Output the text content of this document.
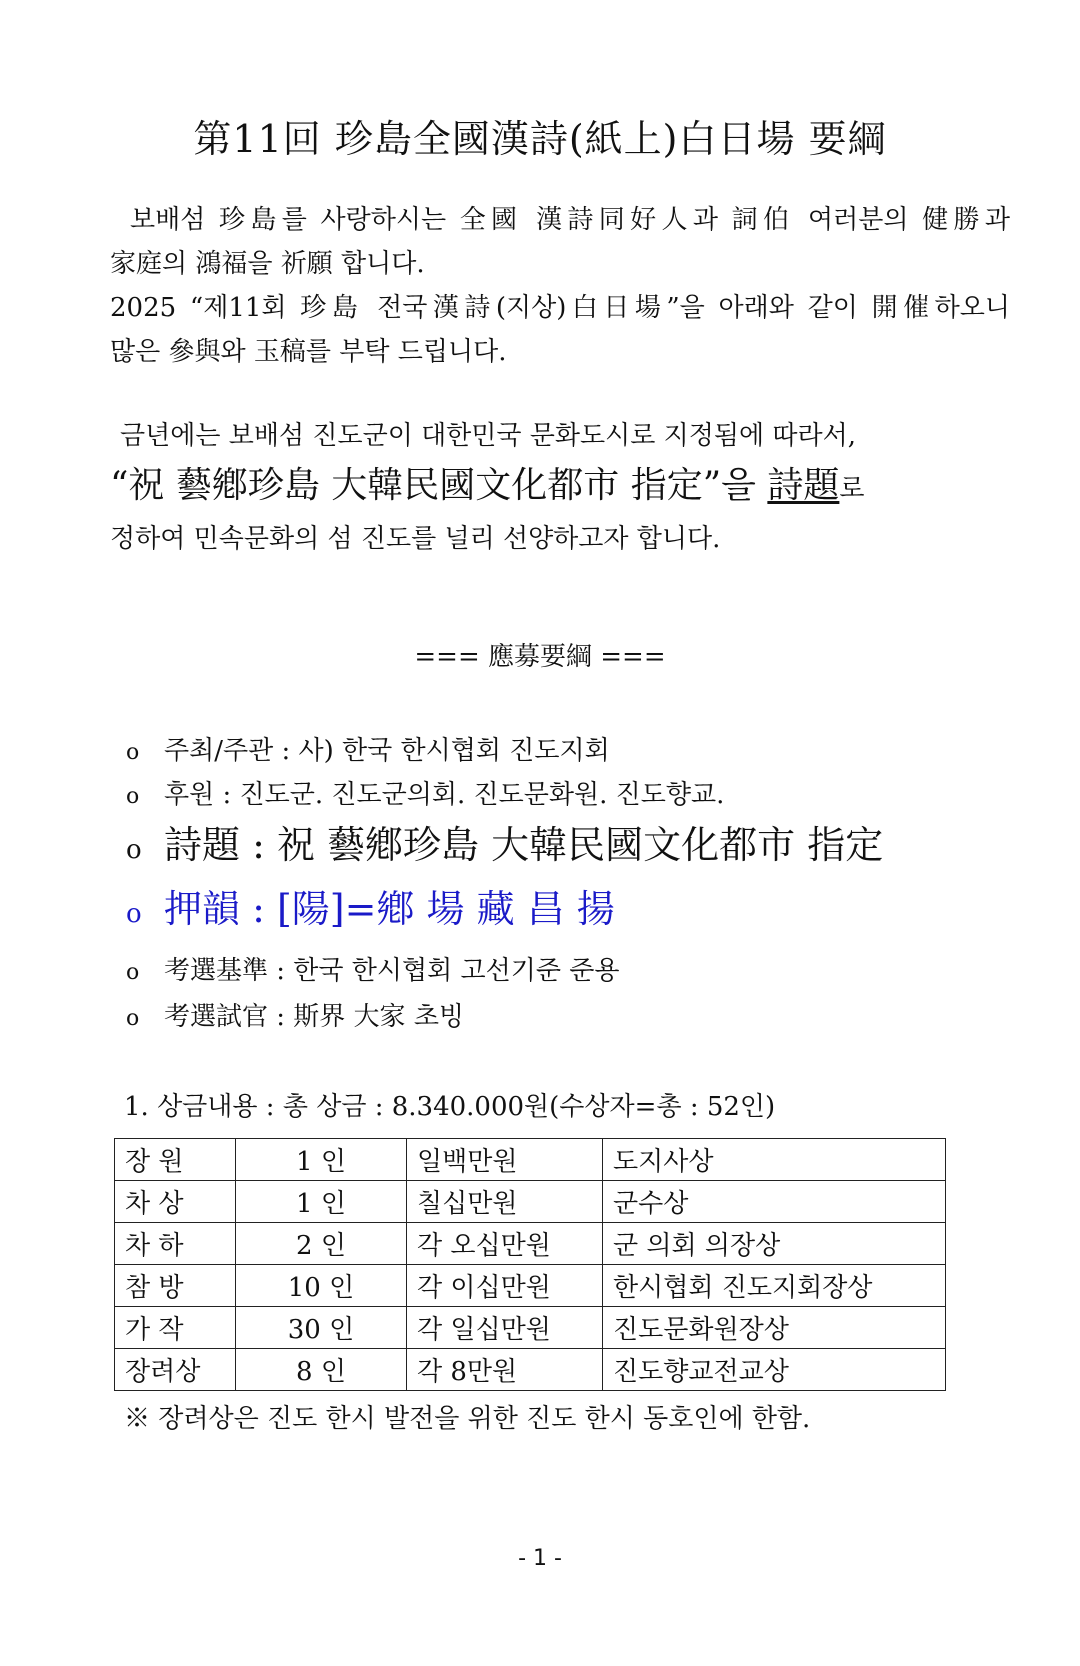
第11回 珍島全國漢詩(紙上)白日場 要綱
보배섬 珍島를 사랑하시는 全國 漢詩同好人과 詞伯 여러분의 健勝과
家庭의 鴻福을 祈願 합니다.
2025 “제11회 珍島 전국漢詩(지상)白日場”을 아래와 같이 開催하오니
많은 參與와 玉稿를 부탁 드립니다.
금년에는 보배섬 진도군이 대한민국 문화도시로 지정됨에 따라서,
“祝 藝鄕珍島 大韓民國文化都市 指定”을 詩題로
정하여 민속문화의 섬 진도를 널리 선양하고자 합니다.
=== 應募要綱 ===
o 주최/주관 : 사) 한국 한시협회 진도지회
o 후원 : 진도군. 진도군의회. 진도문화원. 진도향교.
o 詩題 : 祝 藝鄕珍島 大韓民國文化都市 指定
o 押韻 : [陽]=鄕 場 藏 昌 揚
o 考選基準 : 한국 한시협회 고선기준 준용
o 考選試官 : 斯界 大家 초빙
1. 상금내용 : 총 상금 : 8.340.000원(수상자=총 : 52인)
장 원	1 인	일백만원	도지사상
차 상	1 인	칠십만원	군수상
차 하	2 인	각 오십만원	군 의회 의장상
참 방	10 인	각 이십만원	한시협회 진도지회장상
가 작	30 인	각 일십만원	진도문화원장상
장려상	8 인	각 8만원	진도향교전교상
※ 장려상은 진도 한시 발전을 위한 진도 한시 동호인에 한함.
- 1 -
